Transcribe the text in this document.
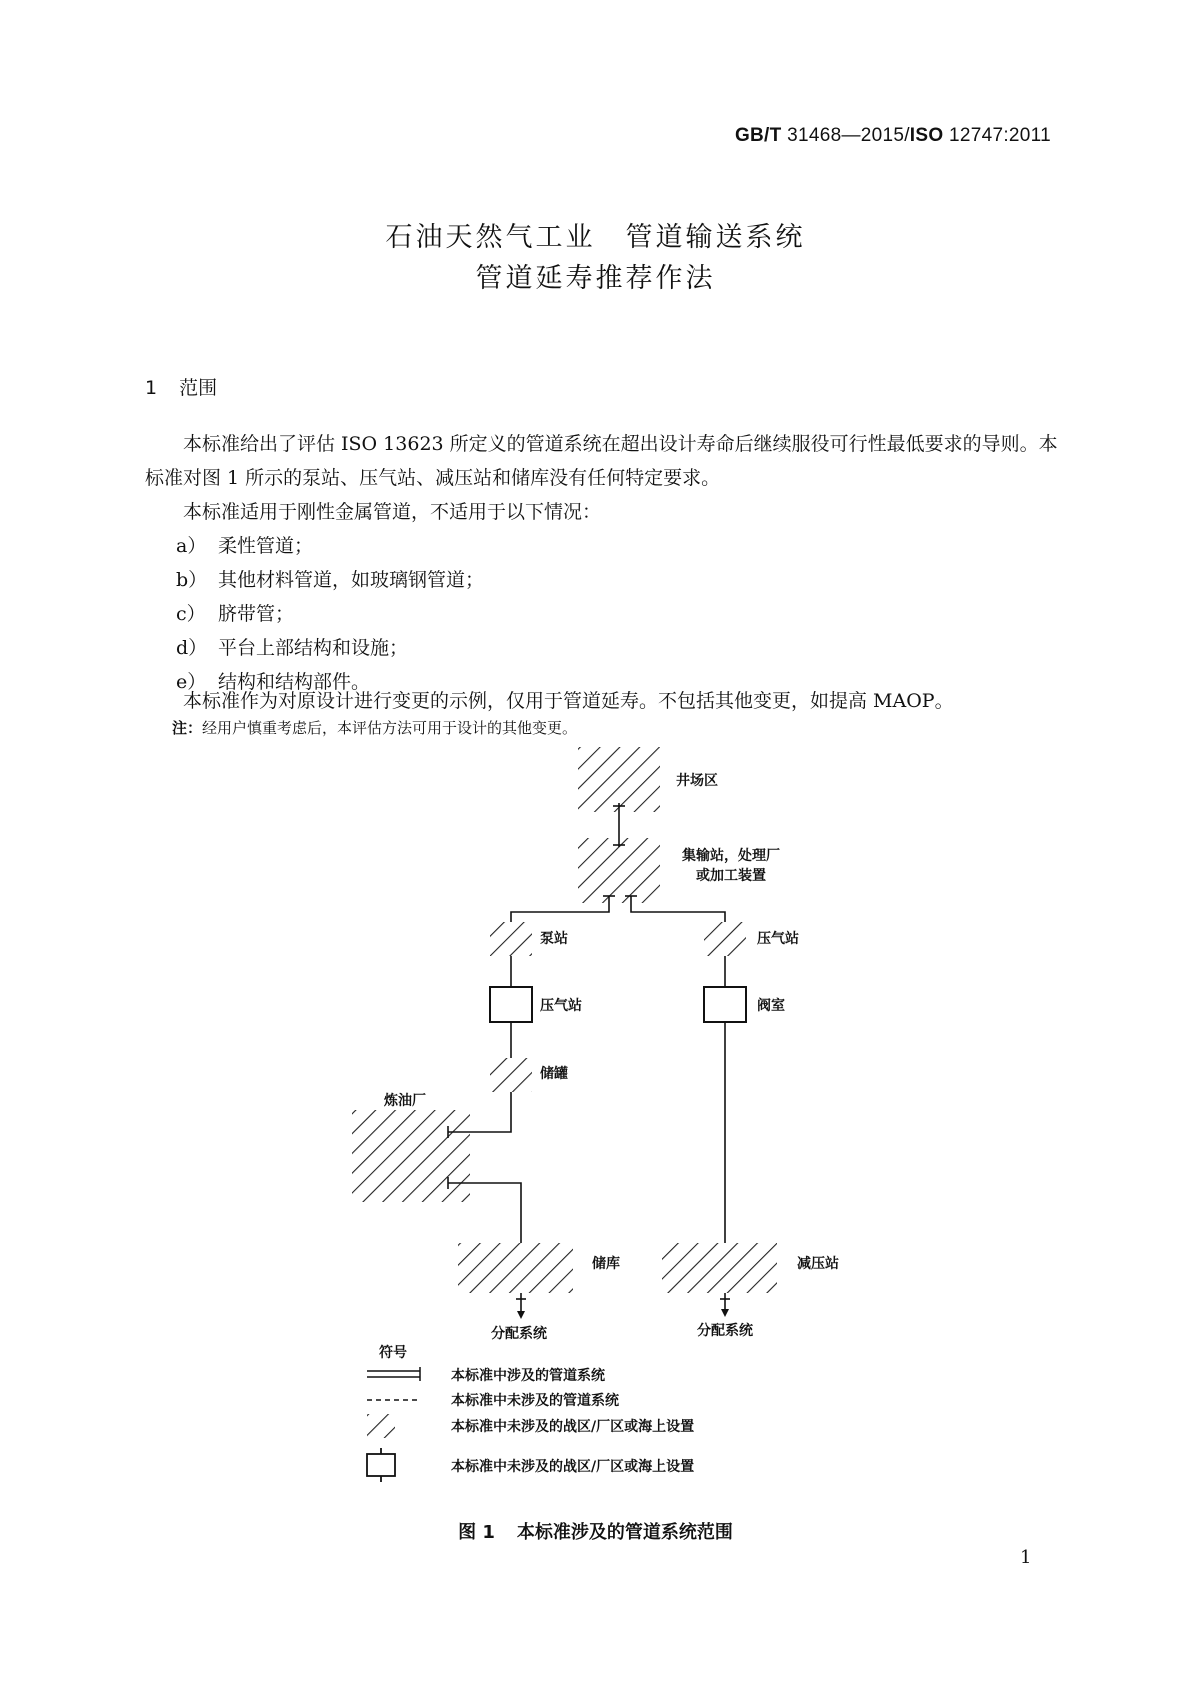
GB/T 31468—2015/ISO 12747:2011
石油天然气工业　管道输送系统
管道延寿推荐作法
1 范围
本标准给出了评估 ISO 13623 所定义的管道系统在超出设计寿命后继续服役可行性最低要求的导则。本标准对图 1 所示的泵站、压气站、减压站和储库没有任何特定要求。
本标准适用于刚性金属管道，不适用于以下情况：
a） 柔性管道；
b） 其他材料管道，如玻璃钢管道；
c） 脐带管；
d） 平台上部结构和设施；
e） 结构和结构部件。
本标准作为对原设计进行变更的示例，仅用于管道延寿。不包括其他变更，如提高 MAOP。
注：经用户慎重考虑后，本评估方法可用于设计的其他变更。
井场区
集输站，处理厂
或加工装置
泵站	压气站
压气站	阀室
储罐
炼油厂
储库	减压站
分配系统	分配系统
符号
本标准中涉及的管道系统
本标准中未涉及的管道系统
本标准中未涉及的战区/厂区或海上设置
本标准中未涉及的战区/厂区或海上设置
图 1 本标准涉及的管道系统范围
1
